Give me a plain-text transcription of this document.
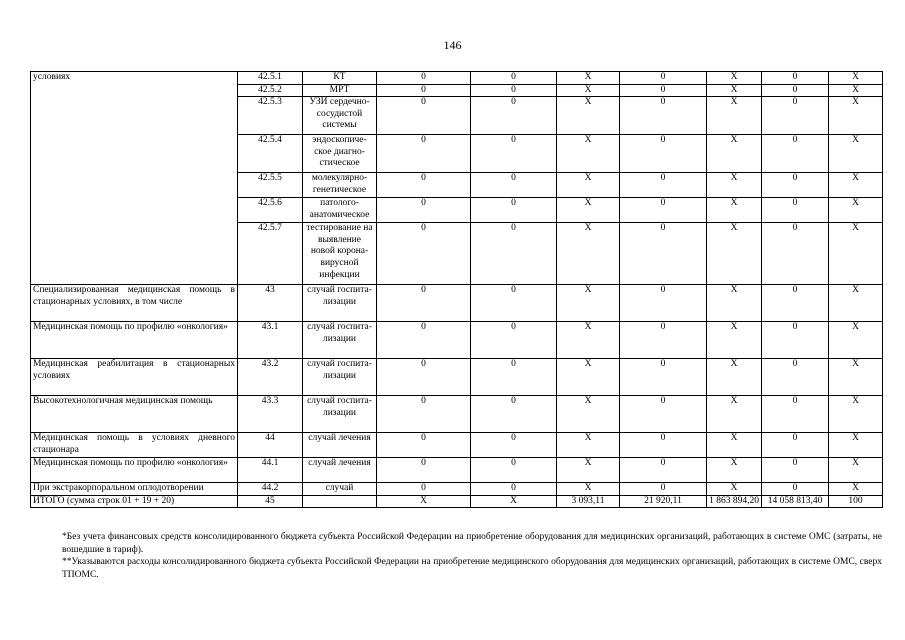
146
условиях	42.5.1	КТ	0	0	X	0	X	0	X
	42.5.2	МРТ	0	0	X	0	X	0	X
	42.5.3	УЗИ сердечно-сосудистой системы	0	0	X	0	X	0	X
	42.5.4	эндоскопиче-ское диагно-стическое	0	0	X	0	X	0	X
	42.5.5	молекулярно-генетическое	0	0	X	0	X	0	X
	42.5.6	патолого-анатомическое	0	0	X	0	X	0	X
	42.5.7	тестирование на выявление новой корона-вирусной инфекции	0	0	X	0	X	0	X
Специализированная медицинская помощь в стационарных условиях, в том числе	43	случай госпита-лизации	0	0	X	0	X	0	X
Медицинская помощь по профилю «онкология»	43.1	случай госпита-лизации	0	0	X	0	X	0	X
Медицинская реабилитация в стационарных условиях	43.2	случай госпита-лизации	0	0	X	0	X	0	X
Высокотехнологичная медицинская помощь	43.3	случай госпита-лизации	0	0	X	0	X	0	X
Медицинская помощь в условиях дневного стационара	44	случай лечения	0	0	X	0	X	0	X
Медицинская помощь по профилю «онкология»	44.1	случай лечения	0	0	X	0	X	0	X
При экстракорпоральном оплодотворении	44.2	случай	0	0	X	0	X	0	X
ИТОГО (сумма строк 01 + 19 + 20)	45		X	X	3 093,11	21 920,11	1 863 894,20	14 058 813,40	100

*Без учета финансовых средств консолидированного бюджета субъекта Российской Федерации на приобретение оборудования для медицинских организаций, работающих в системе ОМС (затраты, не вошедшие в тариф).

**Указываются расходы консолидированного бюджета субъекта Российской Федерации на приобретение медицинского оборудования для медицинских организаций, работающих в системе ОМС, сверх ТПОМС.
